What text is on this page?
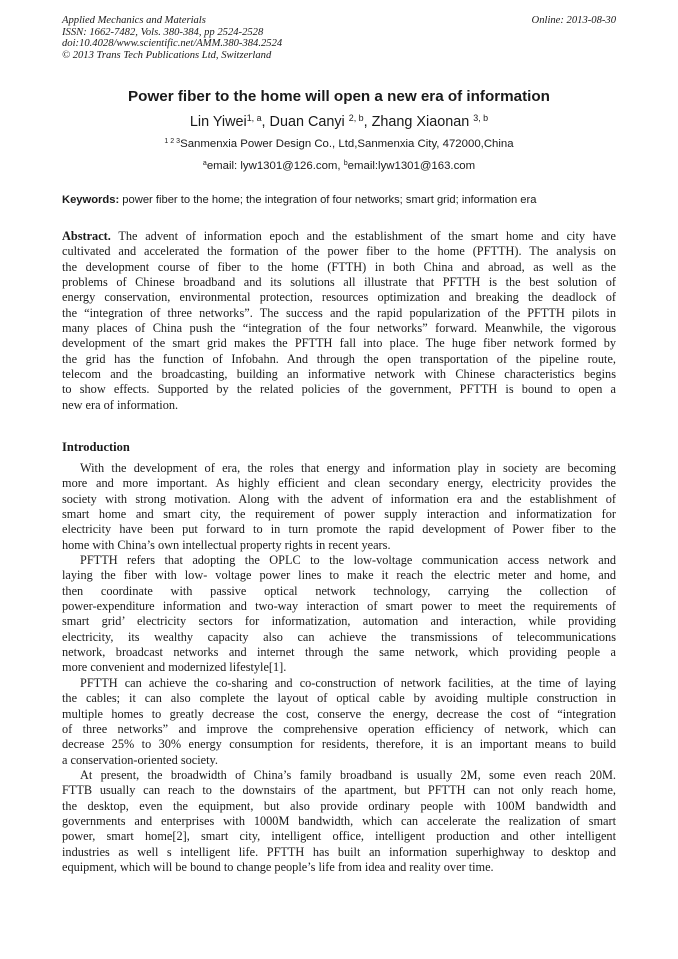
Applied Mechanics and Materials
ISSN: 1662-7482, Vols. 380-384, pp 2524-2528
doi:10.4028/www.scientific.net/AMM.380-384.2524
© 2013 Trans Tech Publications Ltd, Switzerland
Online: 2013-08-30
Power fiber to the home will open a new era of information
Lin Yiwei$^{1, a}$, Duan Canyi $^{2, b}$, Zhang Xiaonan $^{3, b}$
$^{1 2 3}$Sanmenxia Power Design Co., Ltd,Sanmenxia City, 472000,China
$^a$email: lyw1301@126.com, $^b$email:lyw1301@163.com
Keywords: power fiber to the home; the integration of four networks; smart grid; information era
Abstract. The advent of information epoch and the establishment of the smart home and city have
cultivated and accelerated the formation of the power fiber to the home (PFTTH). The analysis on
the development course of fiber to the home (FTTH) in both China and abroad, as well as the
problems of Chinese broadband and its solutions all illustrate that PFTTH is the best solution of
energy conservation, environmental protection, resources optimization and breaking the deadlock of
the “integration of three networks”. The success and the rapid popularization of the PFTTH pilots in
many places of China push the “integration of the four networks” forward. Meanwhile, the vigorous
development of the smart grid makes the PFTTH fall into place. The huge fiber network formed by
the grid has the function of Infobahn. And through the open transportation of the pipeline route,
telecom and the broadcasting, building an informative network with Chinese characteristics begins
to show effects. Supported by the related policies of the government, PFTTH is bound to open a
new era of information.
Introduction
With the development of era, the roles that energy and information play in society are becoming
more and more important. As highly efficient and clean secondary energy, electricity provides the
society with strong motivation. Along with the advent of information era and the establishment of
smart home and smart city, the requirement of power supply interaction and informatization for
electricity have been put forward to in turn promote the rapid development of Power fiber to the
home with China’s own intellectual property rights in recent years.
PFTTH refers that adopting the OPLC to the low-voltage communication access network and
laying the fiber with low- voltage power lines to make it reach the electric meter and home, and
then coordinate with passive optical network technology, carrying the collection of
power-expenditure information and two-way interaction of smart power to meet the requirements of
smart grid’ electricity sectors for informatization, automation and interaction, while providing
electricity, its wealthy capacity also can achieve the transmissions of telecommunications
network, broadcast networks and internet through the same network, which providing people a
more convenient and modernized lifestyle[1].
PFTTH can achieve the co-sharing and co-construction of network facilities, at the time of laying
the cables; it can also complete the layout of optical cable by avoiding multiple construction in
multiple homes to greatly decrease the cost, conserve the energy, decrease the cost of “integration
of three networks” and improve the comprehensive operation efficiency of network, which can
decrease 25% to 30% energy consumption for residents, therefore, it is an important means to build
a conservation-oriented society.
At present, the broadwidth of China’s family broadband is usually 2M, some even reach 20M.
FTTB usually can reach to the downstairs of the apartment, but PFTTH can not only reach home,
the desktop, even the equipment, but also provide ordinary people with 100M bandwidth and
governments and enterprises with 1000M bandwidth, which can accelerate the realization of smart
power, smart home[2], smart city, intelligent office, intelligent production and other intelligent
industries as well s intelligent life. PFTTH has built an information superhighway to desktop and
equipment, which will be bound to change people’s life from idea and reality over time.
